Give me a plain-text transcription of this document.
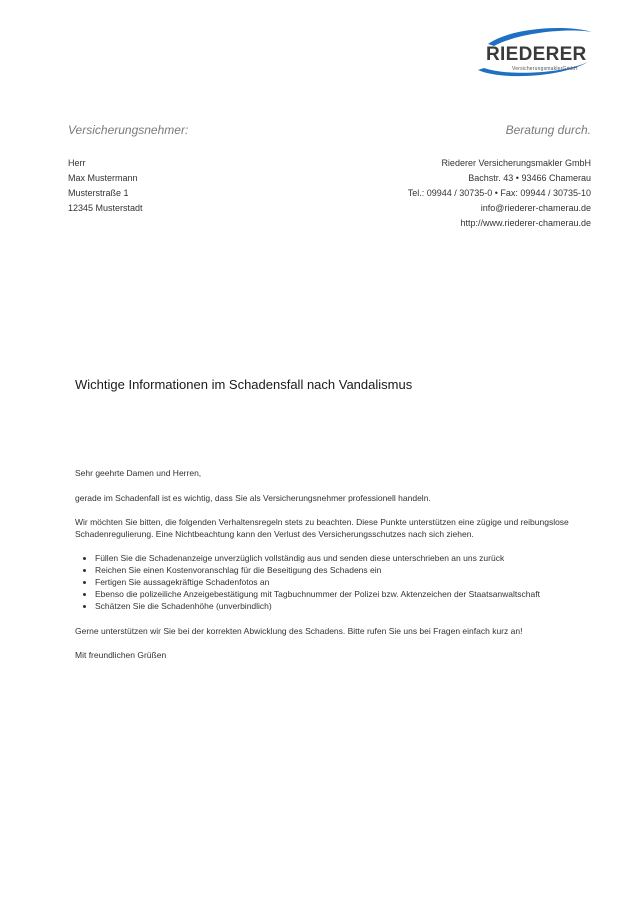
RIEDERER
VersicherungsmaklerGmbH
Versicherungsnehmer:	Beratung durch.
Herr
Max Mustermann
Musterstraße 1
12345 Musterstadt
Riederer Versicherungsmakler GmbH
Bachstr. 43 • 93466 Chamerau
Tel.: 09944 / 30735-0 • Fax: 09944 / 30735-10
info@riederer-chamerau.de
http://www.riederer-chamerau.de
Wichtige Informationen im Schadensfall nach Vandalismus

Sehr geehrte Damen und Herren,

gerade im Schadenfall ist es wichtig, dass Sie als Versicherungsnehmer professionell handeln.

Wir möchten Sie bitten, die folgenden Verhaltensregeln stets zu beachten. Diese Punkte unterstützen eine zügige und reibungslose Schadenregulierung. Eine Nichtbeachtung kann den Verlust des Versicherungsschutzes nach sich ziehen.

• Füllen Sie die Schadenanzeige unverzüglich vollständig aus und senden diese unterschrieben an uns zurück
• Reichen Sie einen Kostenvoranschlag für die Beseitigung des Schadens ein
• Fertigen Sie aussagekräftige Schadenfotos an
• Ebenso die polizeiliche Anzeigebestätigung mit Tagbuchnummer der Polizei bzw. Aktenzeichen der Staatsanwaltschaft
• Schätzen Sie die Schadenhöhe (unverbindlich)

Gerne unterstützen wir Sie bei der korrekten Abwicklung des Schadens. Bitte rufen Sie uns bei Fragen einfach kurz an!

Mit freundlichen Grüßen
